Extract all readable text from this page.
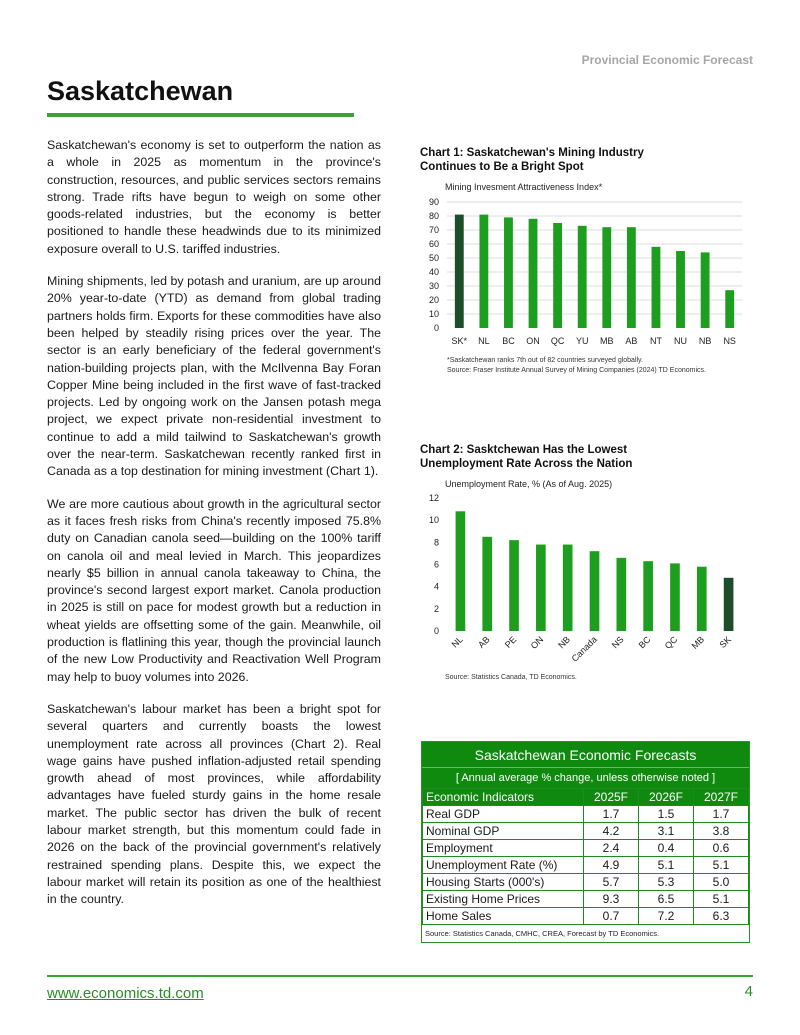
Provincial Economic Forecast
Saskatchewan

Saskatchewan's economy is set to outperform the nation as a whole in 2025 as momentum in the province's construction, resources, and public services sectors remains strong. Trade rifts have begun to weigh on some other goods-related industries, but the economy is better positioned to handle these headwinds due to its minimized exposure overall to U.S. tariffed industries.

Mining shipments, led by potash and uranium, are up around 20% year-to-date (YTD) as demand from global trading partners holds firm. Exports for these commodities have also been helped by steadily rising prices over the year. The sector is an early beneficiary of the federal government's nation-building projects plan, with the McIlvenna Bay Foran Copper Mine being included in the first wave of fast-tracked projects. Led by ongoing work on the Jansen potash mega project, we expect private non-residential investment to continue to add a mild tailwind to Saskatchewan's growth over the near-term. Saskatchewan recently ranked first in Canada as a top destination for mining investment (Chart 1).

We are more cautious about growth in the agricultural sector as it faces fresh risks from China's recently imposed 75.8% duty on Canadian canola seed—building on the 100% tariff on canola oil and meal levied in March. This jeopardizes nearly $5 billion in annual canola takeaway to China, the province's second largest export market. Canola production in 2025 is still on pace for modest growth but a reduction in wheat yields are offsetting some of the gain. Meanwhile, oil production is flatlining this year, though the provincial launch of the new Low Productivity and Reactivation Well Program may help to buoy volumes into 2026.

Saskatchewan's labour market has been a bright spot for several quarters and currently boasts the lowest unemployment rate across all provinces (Chart 2). Real wage gains have pushed inflation-adjusted retail spending growth ahead of most provinces, while affordability advantages have fueled sturdy gains in the home resale market. The public sector has driven the bulk of recent labour market strength, but this momentum could fade in 2026 on the back of the provincial government's relatively restrained spending plans. Despite this, we expect the labour market will retain its position as one of the healthiest in the country.

Chart 1: Saskatchewan's Mining Industry
Continues to Be a Bright Spot

Mining Invesment Attractiveness Index*
0
10
20
30
40
50
60
70
80
90
SK* NL BC ON QC YU MB AB NT NU NB NS
*Saskatchewan ranks 7th out of 82 countries surveyed globally.
Source: Fraser Institute Annual Survey of Mining Companies (2024) TD Economics.

Chart 2: Sasktchewan Has the Lowest
Unemployment Rate Across the Nation

Unemployment Rate, % (As of Aug. 2025)
0
2
4
6
8
10
12
NL AB PE ON NB
Canada NS BC QC MB SK
Source: Statistics Canada, TD Economics.
Saskatchewan Economic Forecasts
[ Annual average % change, unless otherwise noted ]
Economic Indicators	2025F	2026F	2027F
Real GDP	1.7	1.5	1.7
Nominal GDP	4.2	3.1	3.8
Employment	2.4	0.4	0.6
Unemployment Rate (%)	4.9	5.1	5.1
Housing Starts (000's)	5.7	5.3	5.0
Existing Home Prices	9.3	6.5	5.1
Home Sales	0.7	7.2	6.3
Source: Statistics Canada, CMHC, CREA, Forecast by TD Economics.
www.economics.td.com	4
